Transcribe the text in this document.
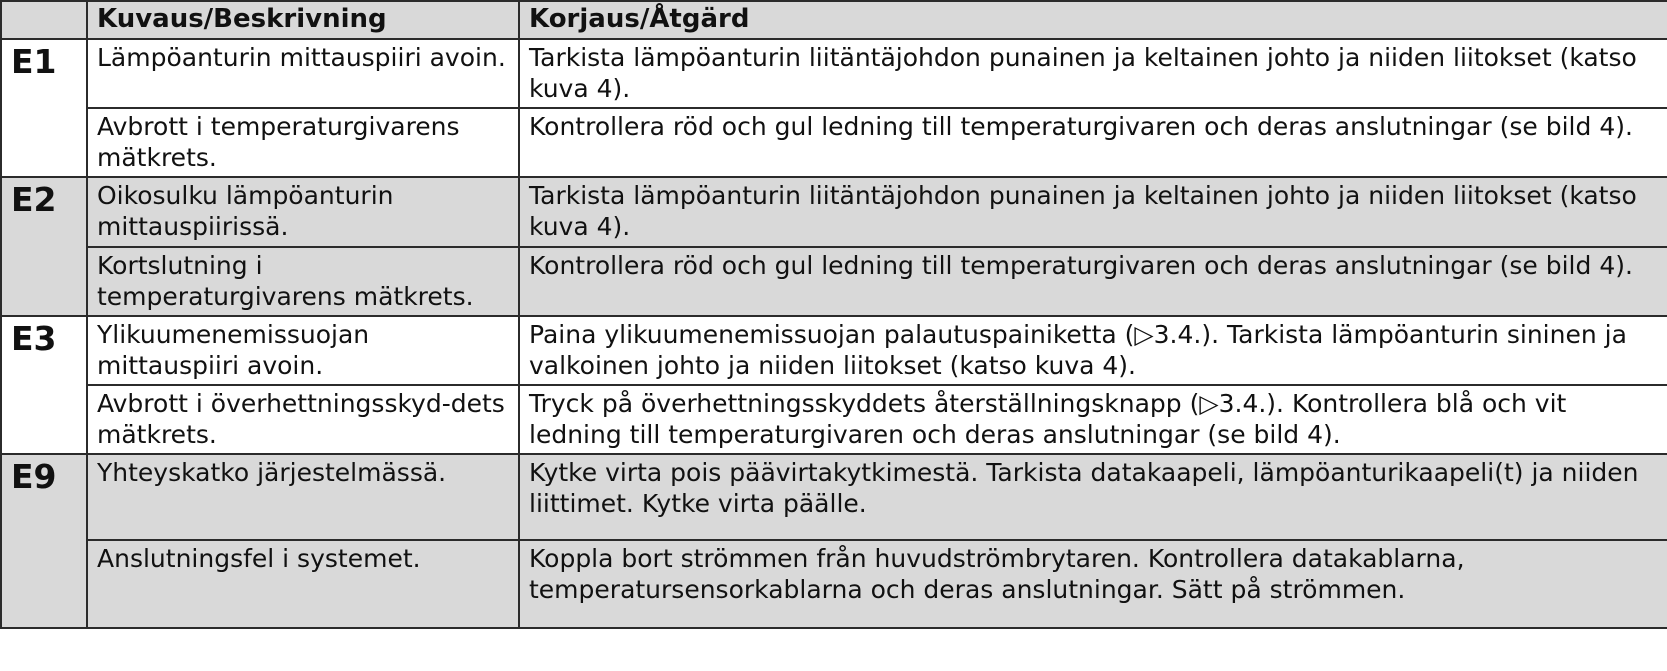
	Kuvaus/Beskrivning	Korjaus/Åtgärd
E1	Lämpöanturin mittauspiiri avoin.	Tarkista lämpöanturin liitäntäjohdon punainen ja keltainen johto ja niiden liitokset (katso kuva 4).
	Avbrott i temperaturgivarens mätkrets.	Kontrollera röd och gul ledning till temperaturgivaren och deras anslutningar (se bild 4).
E2	Oikosulku lämpöanturin mittauspiirissä.	Tarkista lämpöanturin liitäntäjohdon punainen ja keltainen johto ja niiden liitokset (katso kuva 4).
	Kortslutning i temperaturgivarens mätkrets.	Kontrollera röd och gul ledning till temperaturgivaren och deras anslutningar (se bild 4).
E3	Ylikuumenemissuojan mittauspiiri avoin.	Paina ylikuumenemissuojan palautuspainiketta (▷3.4.). Tarkista lämpöanturin sininen ja valkoinen johto ja niiden liitokset (katso kuva 4).
	Avbrott i överhettningsskyd-dets mätkrets.	Tryck på överhettningsskyddets återställningsknapp (▷3.4.). Kontrollera blå och vit ledning till temperaturgivaren och deras anslutningar (se bild 4).
E9	Yhteyskatko järjestelmässä.	Kytke virta pois päävirtakytkimestä. Tarkista datakaapeli, lämpöanturikaapeli(t) ja niiden liittimet. Kytke virta päälle.
	Anslutningsfel i systemet.	Koppla bort strömmen från huvudströmbrytaren. Kontrollera datakablarna, temperatursensorkablarna och deras anslutningar. Sätt på strömmen.
